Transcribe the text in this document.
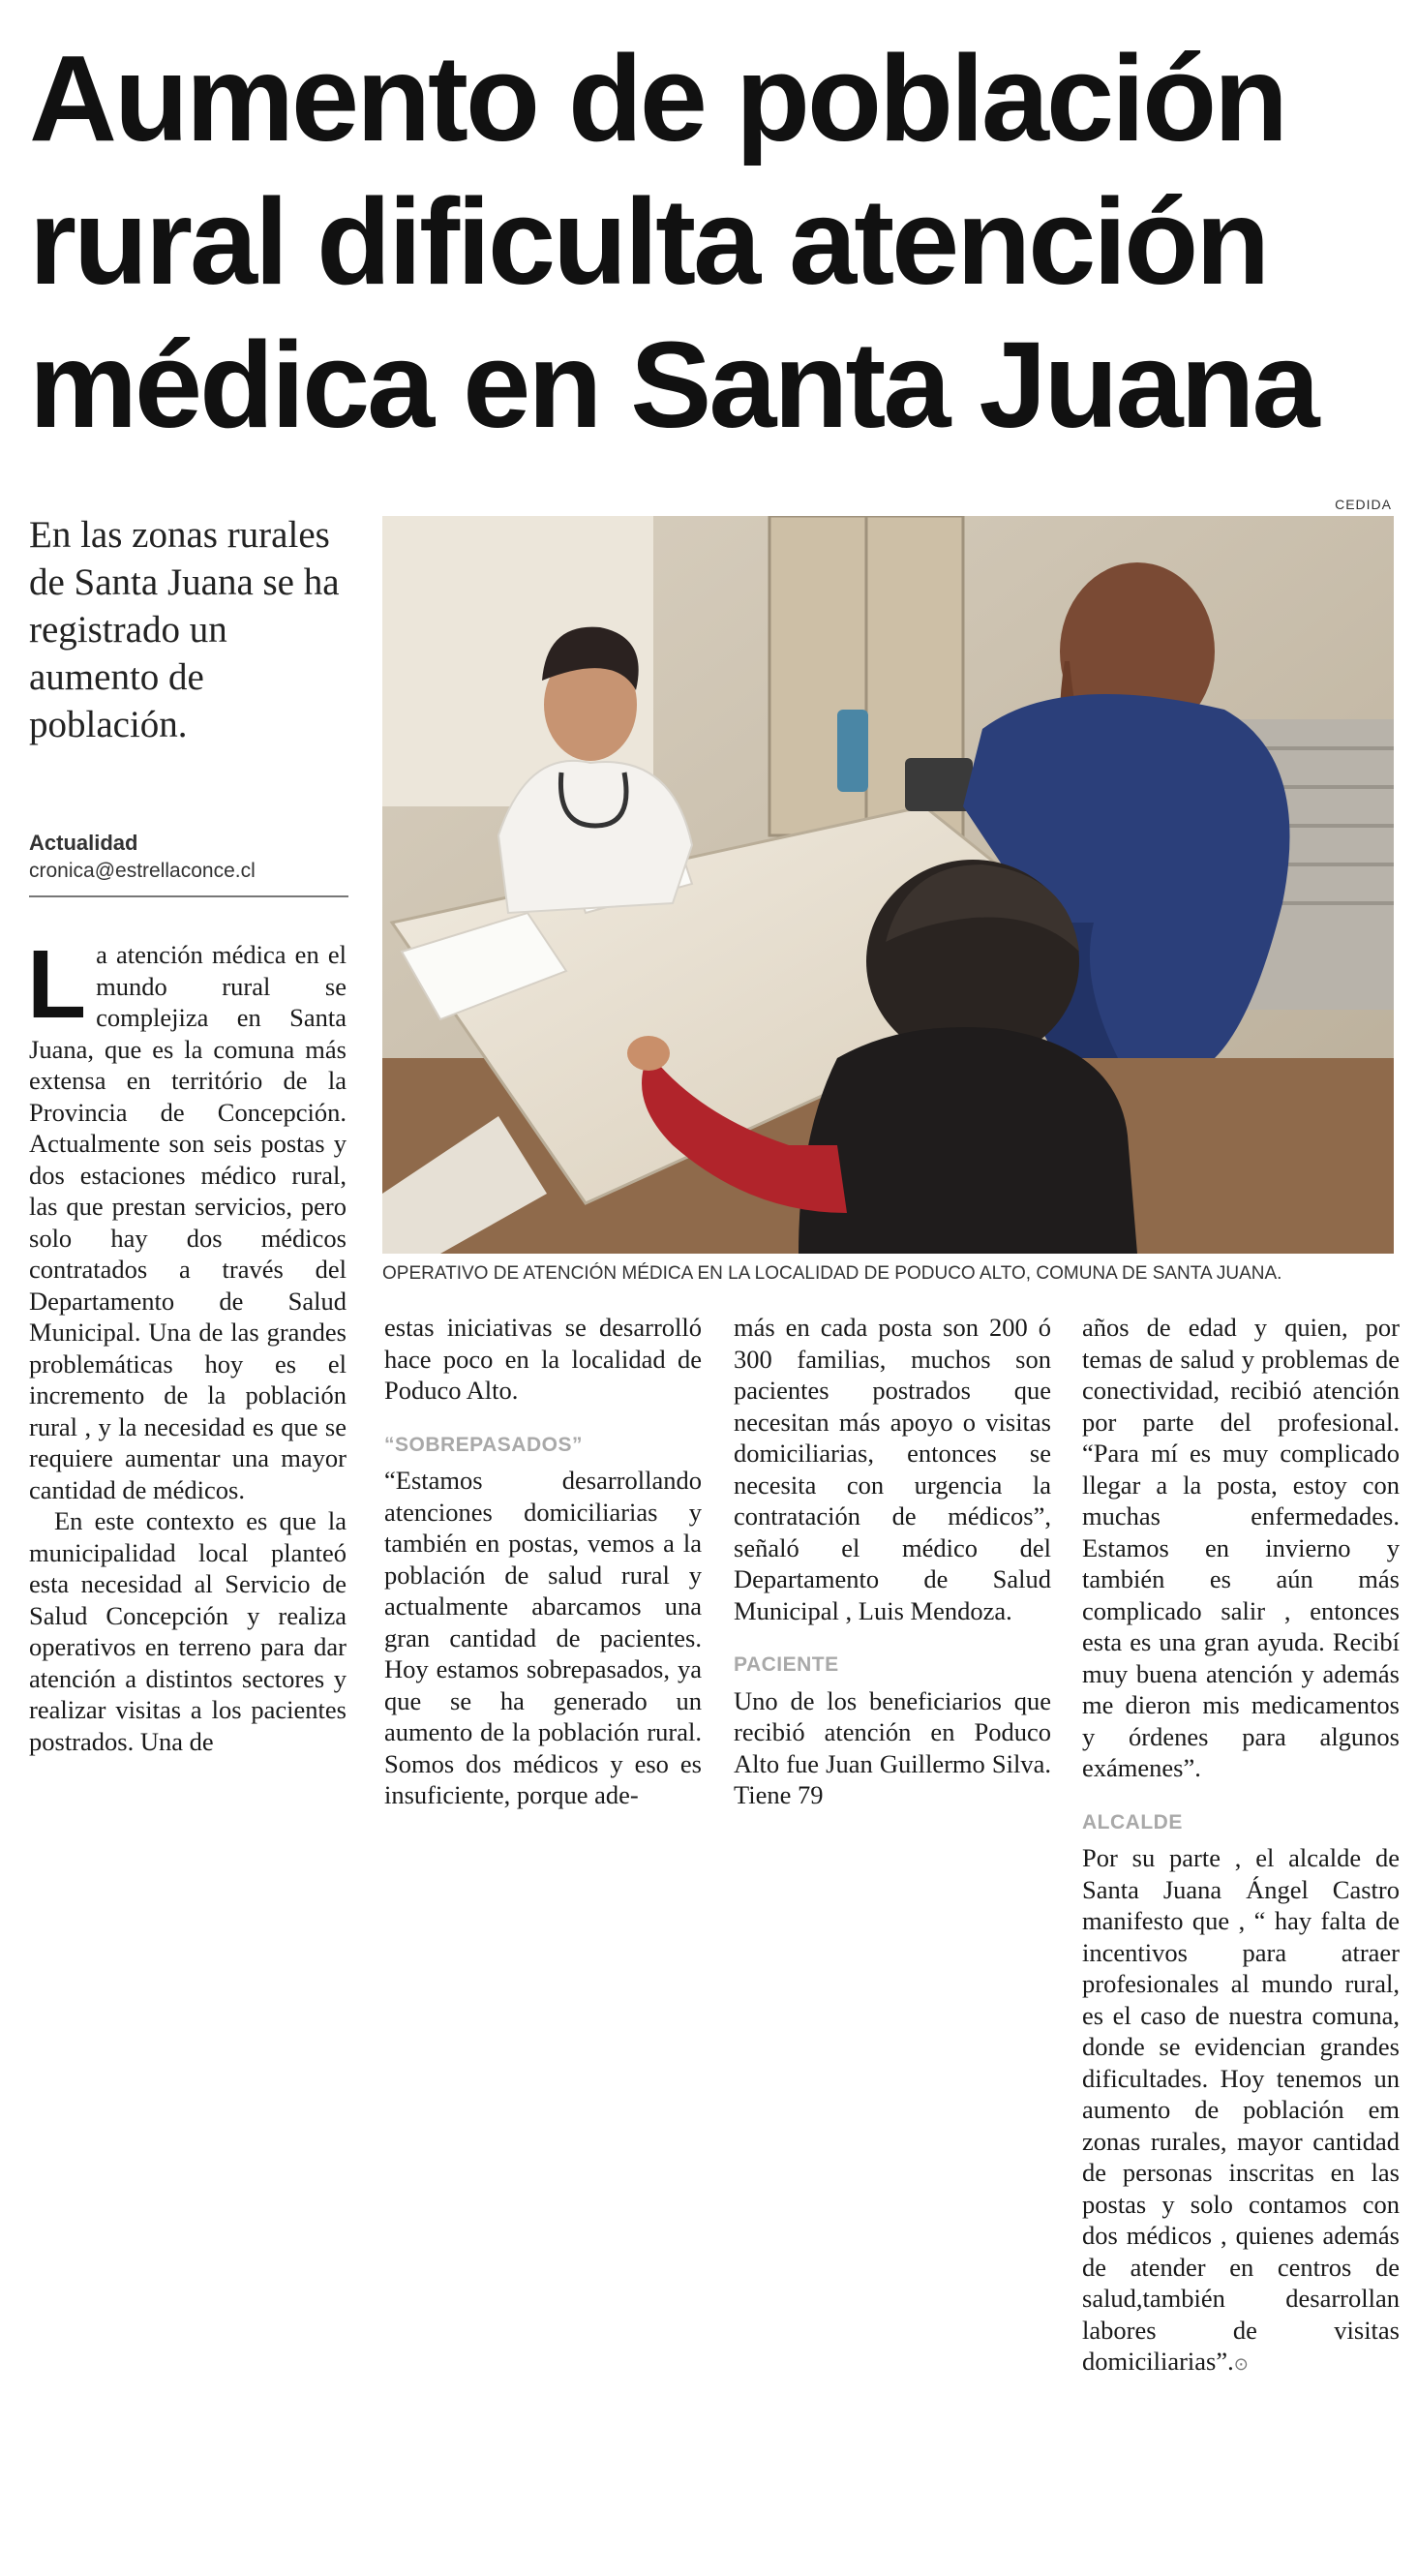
Aumento de población
rural dificulta atención
médica en Santa Juana
En las zonas rurales de Santa Juana se ha registrado un aumento de población.
Actualidad
cronica@estrellaconce.cl
CEDIDA
OPERATIVO DE ATENCIÓN MÉDICA EN LA LOCALIDAD DE PODUCO ALTO, COMUNA DE SANTA JUANA.

La atención médica en el mundo rural se complejiza en Santa Juana, que es la comuna más extensa en território de la Provincia de Concepción. Actualmente son seis postas y dos estaciones médico rural, las que prestan servicios, pero solo hay dos médicos contratados a través del Departamento de Salud Municipal. Una de las grandes problemáticas hoy es el incremento de la población rural , y la necesidad es que se requiere aumentar una mayor cantidad de médicos.

En este contexto es que la municipalidad local planteó esta necesidad al Servicio de Salud Concepción y realiza operativos en terreno para dar atención a distintos sectores y realizar visitas a los pacientes postrados. Una de

estas iniciativas se desarrolló hace poco en la localidad de Poduco Alto.

“SOBREPASADOS”

“Estamos desarrollando atenciones domiciliarias y también en postas, vemos a la población de salud rural y actualmente abarcamos una gran cantidad de pacientes. Hoy estamos sobrepasados, ya que se ha generado un aumento de la población rural. Somos dos médicos y eso es insuficiente, porque ade-

más en cada posta son 200 ó 300 familias, muchos son pacientes postrados que necesitan más apoyo o visitas domiciliarias, entonces se necesita con urgencia la contratación de médicos”, señaló el médico del Departamento de Salud Municipal , Luis Mendoza.

PACIENTE

Uno de los beneficiarios que recibió atención en Poduco Alto fue Juan Guillermo Silva. Tiene 79

años de edad y quien, por temas de salud y problemas de conectividad, recibió atención por parte del profesional. “Para mí es muy complicado llegar a la posta, estoy con muchas enfermedades. Estamos en invierno y también es aún más complicado salir , entonces esta es una gran ayuda. Recibí muy buena atención y además me dieron mis medicamentos y órdenes para algunos exámenes”.

ALCALDE

Por su parte , el alcalde de Santa Juana Ángel Castro manifesto que , “ hay falta de incentivos para atraer profesionales al mundo rural, es el caso de nuestra comuna, donde se evidencian grandes dificultades. Hoy tenemos un aumento de población em zonas rurales, mayor cantidad de personas inscritas en las postas y solo contamos con dos médicos , quienes además de atender en centros de salud,también desarrollan labores de visitas domiciliarias”.⊙
